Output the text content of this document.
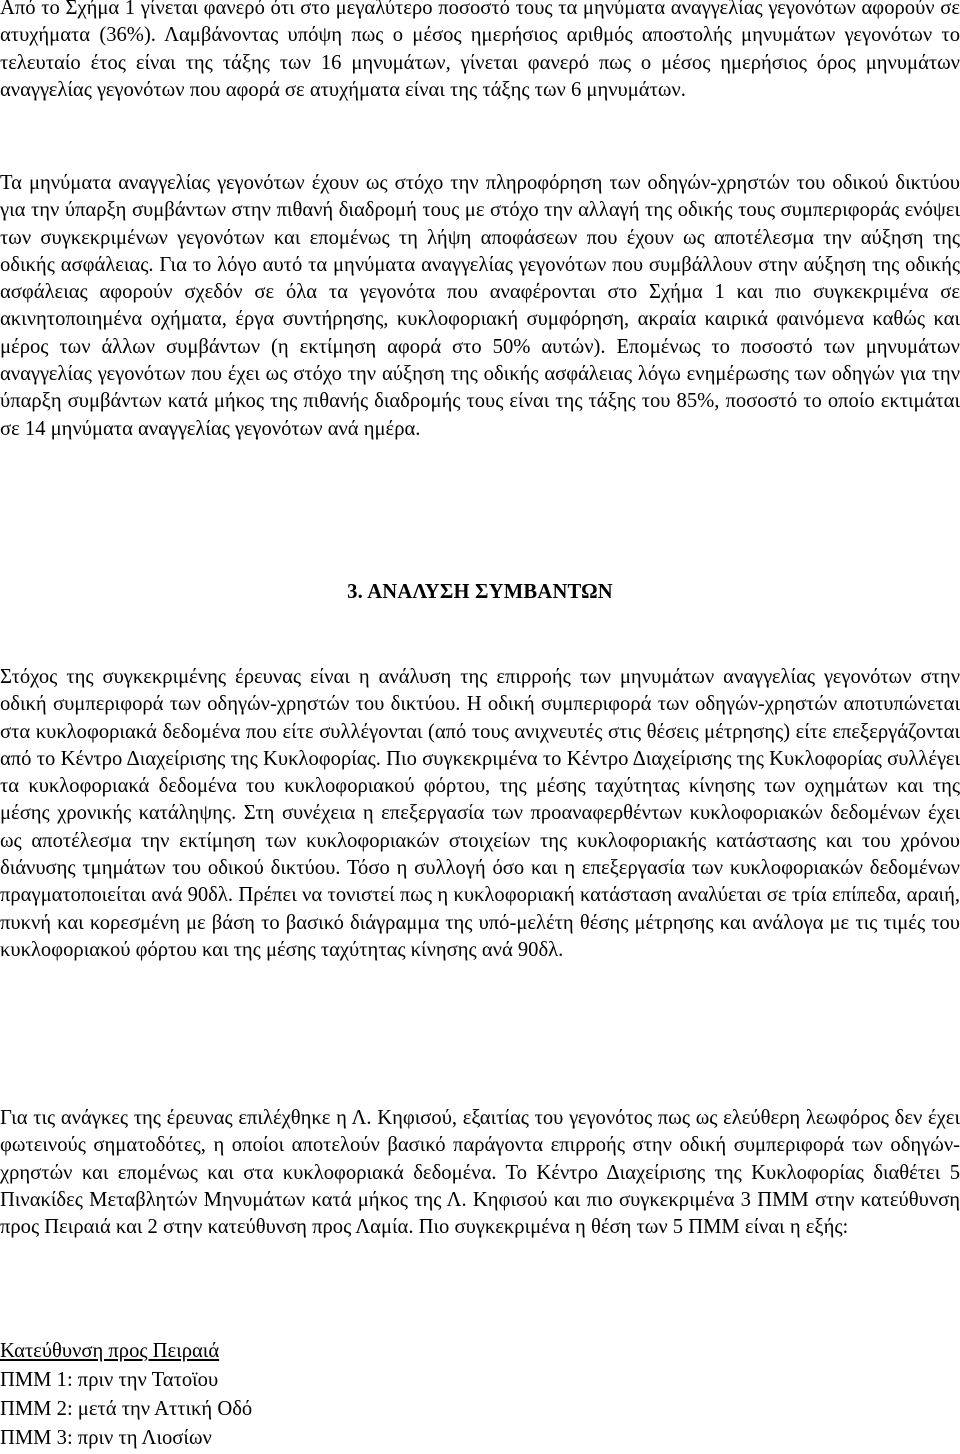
Από το Σχήμα 1 γίνεται φανερό ότι στο μεγαλύτερο ποσοστό τους τα μηνύματα αναγγελίας γεγονότων αφορούν σε ατυχήματα (36%). Λαμβάνοντας υπόψη πως ο μέσος ημερήσιος αριθμός αποστολής μηνυμάτων γεγονότων το τελευταίο έτος είναι της τάξης των 16 μηνυμάτων, γίνεται φανερό πως ο μέσος ημερήσιος όρος μηνυμάτων αναγγελίας γεγονότων που αφορά σε ατυχήματα είναι της τάξης των 6 μηνυμάτων.

Τα μηνύματα αναγγελίας γεγονότων έχουν ως στόχο την πληροφόρηση των οδηγών-χρηστών του οδικού δικτύου για την ύπαρξη συμβάντων στην πιθανή διαδρομή τους με στόχο την αλλαγή της οδικής τους συμπεριφοράς ενόψει των συγκεκριμένων γεγονότων και επομένως τη λήψη αποφάσεων που έχουν ως αποτέλεσμα την αύξηση της οδικής ασφάλειας. Για το λόγο αυτό τα μηνύματα αναγγελίας γεγονότων που συμβάλλουν στην αύξηση της οδικής ασφάλειας αφορούν σχεδόν σε όλα τα γεγονότα που αναφέρονται στο Σχήμα 1 και πιο συγκεκριμένα σε ακινητοποιημένα οχήματα, έργα συντήρησης, κυκλοφοριακή συμφόρηση, ακραία καιρικά φαινόμενα καθώς και μέρος των άλλων συμβάντων (η εκτίμηση αφορά στο 50% αυτών). Επομένως το ποσοστό των μηνυμάτων αναγγελίας γεγονότων που έχει ως στόχο την αύξηση της οδικής ασφάλειας λόγω ενημέρωσης των οδηγών για την ύπαρξη συμβάντων κατά μήκος της πιθανής διαδρομής τους είναι της τάξης του 85%, ποσοστό το οποίο εκτιμάται σε 14 μηνύματα αναγγελίας γεγονότων ανά ημέρα.

3. ΑΝΑΛΥΣΗ ΣΥΜΒΑΝΤΩΝ

Στόχος της συγκεκριμένης έρευνας είναι η ανάλυση της επιρροής των μηνυμάτων αναγγελίας γεγονότων στην οδική συμπεριφορά των οδηγών-χρηστών του δικτύου. Η οδική συμπεριφορά των οδηγών-χρηστών αποτυπώνεται στα κυκλοφοριακά δεδομένα που είτε συλλέγονται (από τους ανιχνευτές στις θέσεις μέτρησης) είτε επεξεργάζονται από το Κέντρο Διαχείρισης της Κυκλοφορίας. Πιο συγκεκριμένα το Κέντρο Διαχείρισης της Κυκλοφορίας συλλέγει τα κυκλοφοριακά δεδομένα του κυκλοφοριακού φόρτου, της μέσης ταχύτητας κίνησης των οχημάτων και της μέσης χρονικής κατάληψης. Στη συνέχεια η επεξεργασία των προαναφερθέντων κυκλοφοριακών δεδομένων έχει ως αποτέλεσμα την εκτίμηση των κυκλοφοριακών στοιχείων της κυκλοφοριακής κατάστασης και του χρόνου διάνυσης τμημάτων του οδικού δικτύου. Τόσο η συλλογή όσο και η επεξεργασία των κυκλοφοριακών δεδομένων πραγματοποιείται ανά 90δλ. Πρέπει να τονιστεί πως η κυκλοφοριακή κατάσταση αναλύεται σε τρία επίπεδα, αραιή, πυκνή και κορεσμένη με βάση το βασικό διάγραμμα της υπό-μελέτη θέσης μέτρησης και ανάλογα με τις τιμές του κυκλοφοριακού φόρτου και της μέσης ταχύτητας κίνησης ανά 90δλ.

Για τις ανάγκες της έρευνας επιλέχθηκε η Λ. Κηφισού, εξαιτίας του γεγονότος πως ως ελεύθερη λεωφόρος δεν έχει φωτεινούς σηματοδότες, η οποίοι αποτελούν βασικό παράγοντα επιρροής στην οδική συμπεριφορά των οδηγών-χρηστών και επομένως και στα κυκλοφοριακά δεδομένα. Το Κέντρο Διαχείρισης της Κυκλοφορίας διαθέτει 5 Πινακίδες Μεταβλητών Μηνυμάτων κατά μήκος της Λ. Κηφισού και πιο συγκεκριμένα 3 ΠΜΜ στην κατεύθυνση προς Πειραιά και 2 στην κατεύθυνση προς Λαμία. Πιο συγκεκριμένα η θέση των 5 ΠΜΜ είναι η εξής:

Κατεύθυνση προς Πειραιά
ΠΜΜ 1: πριν την Τατοϊου
ΠΜΜ 2: μετά την Αττική Οδό
ΠΜΜ 3: πριν τη Λιοσίων
